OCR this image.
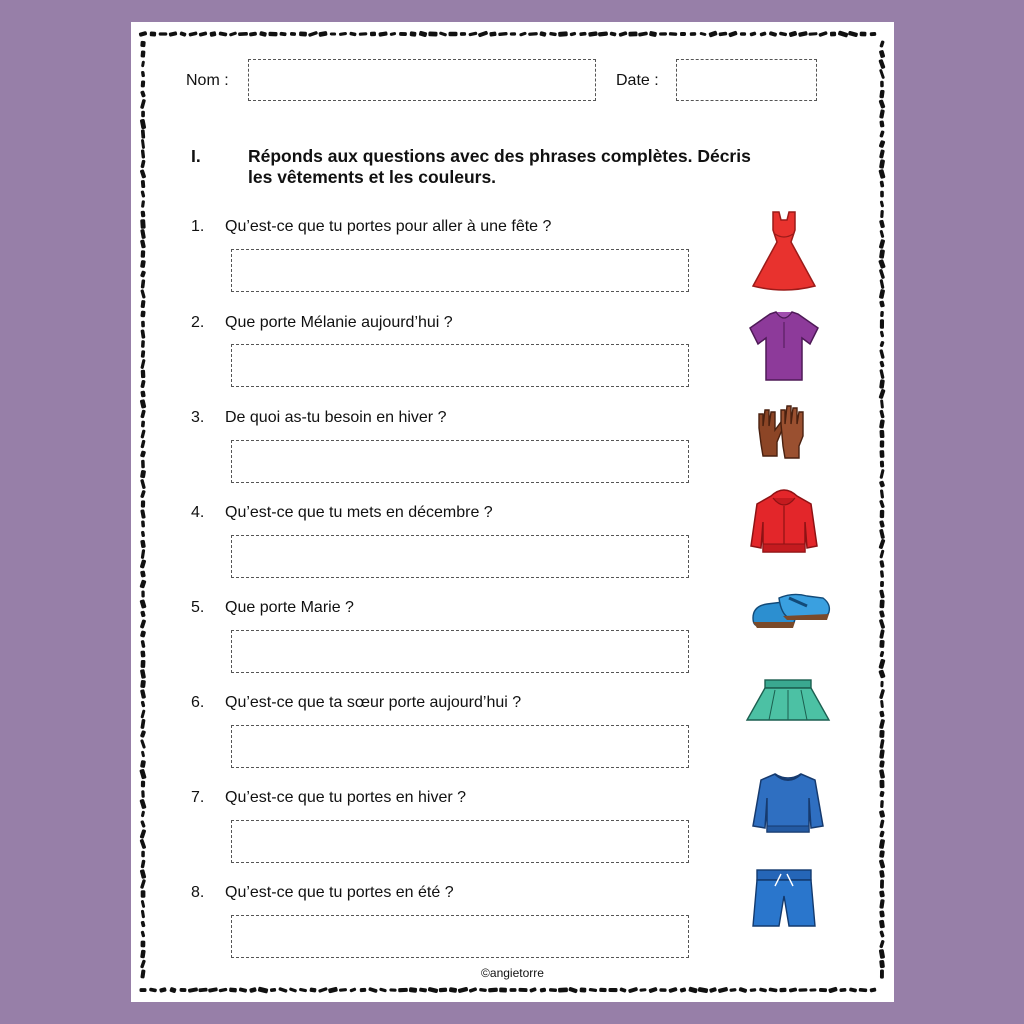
Nom :	Date :
I.	Réponds aux questions avec des phrases complètes. Décris
les vêtements et les couleurs.
1. Qu’est-ce que tu portes pour aller à une fête ?
2. Que porte Mélanie aujourd’hui ?
3. De quoi as-tu besoin en hiver ?
4. Qu’est-ce que tu mets en décembre ?
5. Que porte Marie ?
6. Qu’est-ce que ta sœur porte aujourd’hui ?
7. Qu’est-ce que tu portes en hiver ?
8. Qu’est-ce que tu portes en été ?
©angietorre
